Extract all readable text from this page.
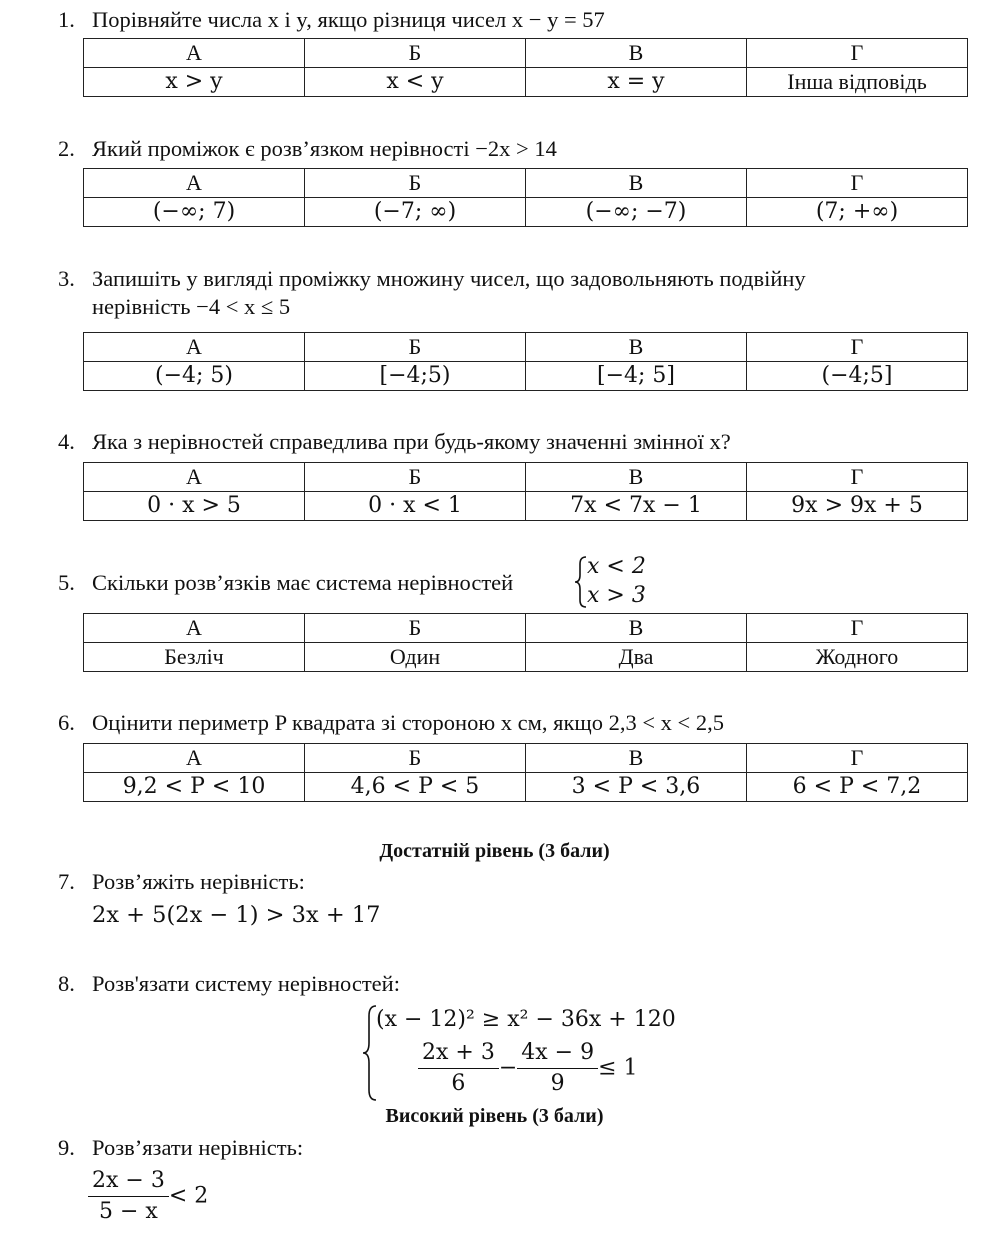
1. Порівняйте числа x і y, якщо різниця чисел x − y = 57
А	Б	В	Г
x > y	x < y	x = y	Інша відповідь
2. Який проміжок є розв’язком нерівності −2x > 14
А	Б	В	Г
(−∞; 7)	(−7; ∞)	(−∞; −7)	(7; +∞)
3. Запишіть у вигляді проміжку множину чисел, що задовольняють подвійну
нерівність −4 < x ≤ 5
А	Б	В	Г
(−4; 5)	[−4;5)	[−4; 5]	(−4;5]
4. Яка з нерівностей справедлива при будь-якому значенні змінної x?
А	Б	В	Г
0 · x > 5	0 · x < 1	7x < 7x − 1	9x > 9x + 5
5. Скільки розв’язків має система нерівностей
x < 2
x > 3
А	Б	В	Г
Безліч	Один	Два	Жодного
6. Оцінити периметр P квадрата зі стороною x см, якщо 2,3 < x < 2,5
А	Б	В	Г
9,2 < P < 10	4,6 < P < 5	3 < P < 3,6	6 < P < 7,2
Достатній рівень (3 бали)
7. Розв’яжіть нерівність:
2x + 5(2x − 1) > 3x + 17
8. Розв'язати систему нерівностей:
(x − 12)² ≥ x² − 36x + 120
$\frac{2x + 3}{6} - \frac{4x - 9}{9} \le 1$
Високий рівень (3 бали)
9. Розв’язати нерівність:
$\frac{2x - 3}{5 - x} < 2$
